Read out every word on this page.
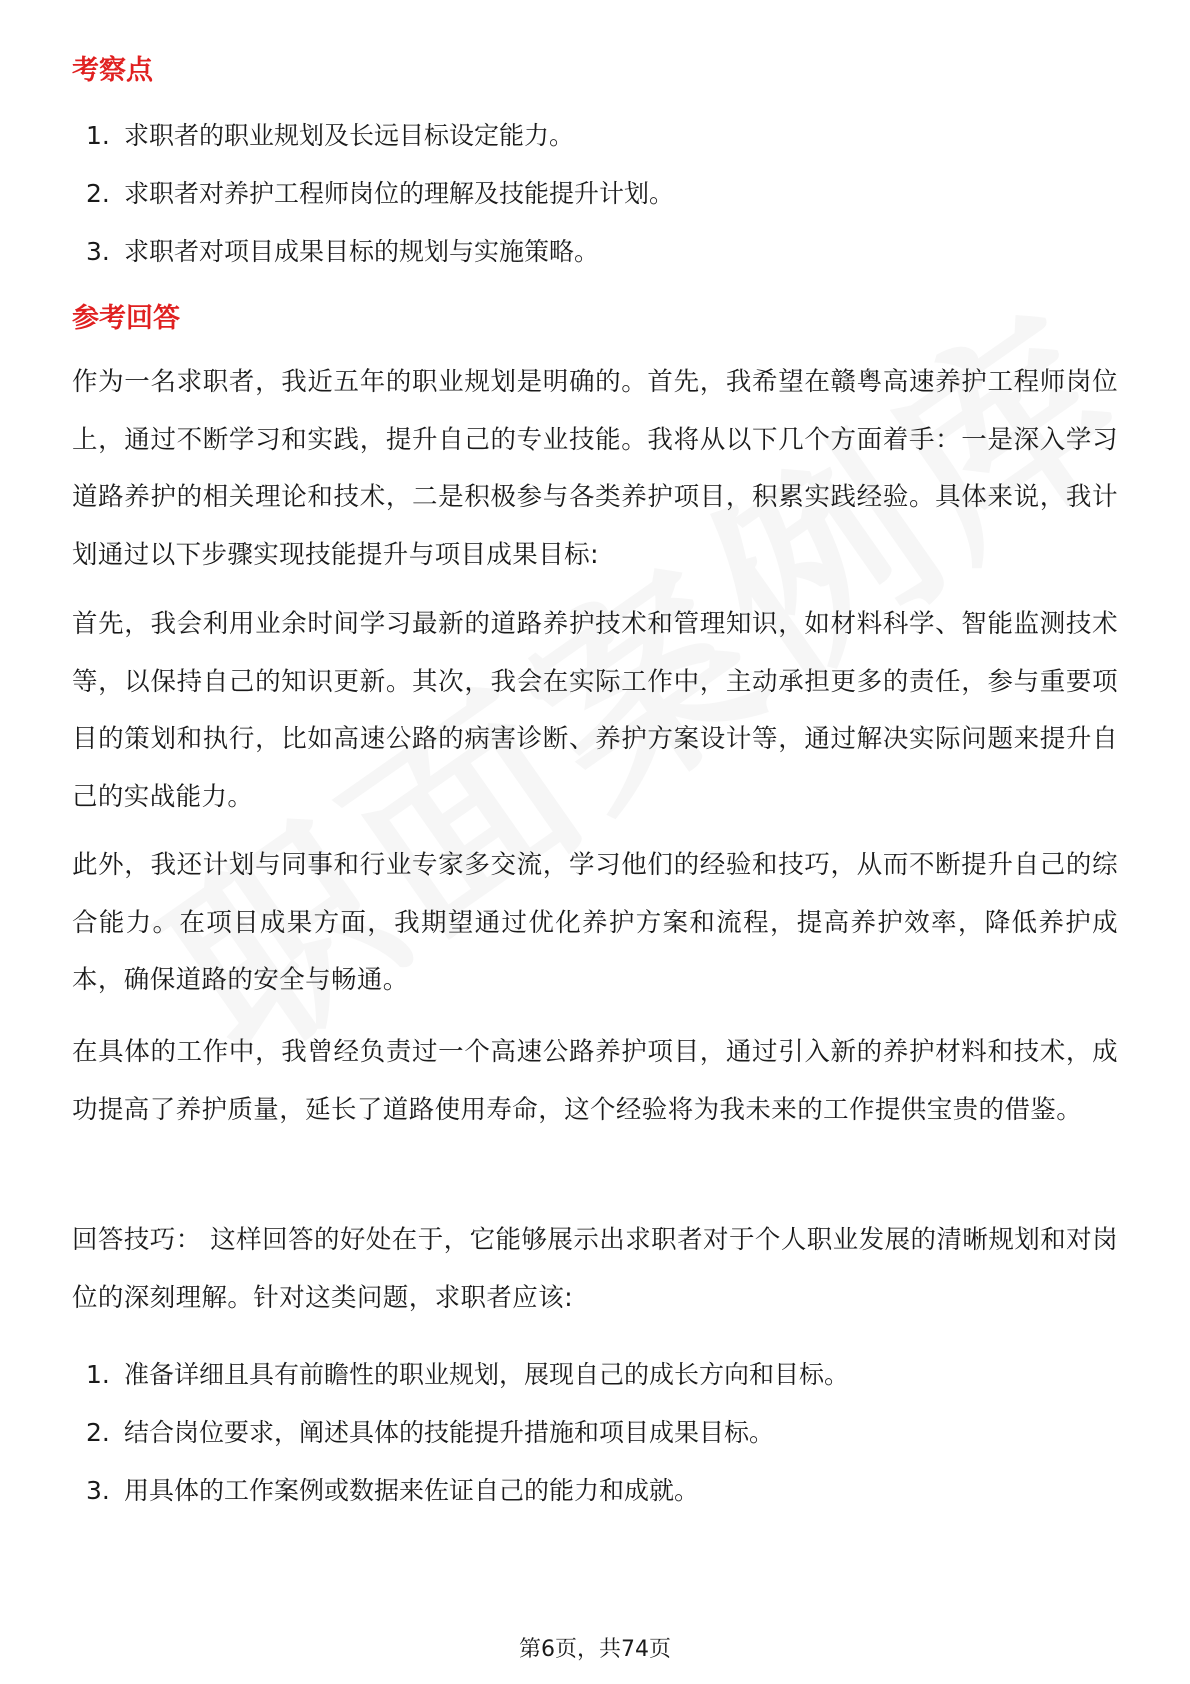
考察点
1. 求职者的职业规划及长远目标设定能力。
2. 求职者对养护工程师岗位的理解及技能提升计划。
3. 求职者对项目成果目标的规划与实施策略。
参考回答

作为一名求职者，我近五年的职业规划是明确的。首先，我希望在赣粤高速养护工程师岗位上，通过不断学习和实践，提升自己的专业技能。我将从以下几个方面着手：一是深入学习道路养护的相关理论和技术，二是积极参与各类养护项目，积累实践经验。具体来说，我计划通过以下步骤实现技能提升与项目成果目标:

首先，我会利用业余时间学习最新的道路养护技术和管理知识，如材料科学、智能监测技术等，以保持自己的知识更新。其次，我会在实际工作中，主动承担更多的责任，参与重要项目的策划和执行，比如高速公路的病害诊断、养护方案设计等，通过解决实际问题来提升自己的实战能力。

此外，我还计划与同事和行业专家多交流，学习他们的经验和技巧，从而不断提升自己的综合能力。在项目成果方面，我期望通过优化养护方案和流程，提高养护效率，降低养护成本，确保道路的安全与畅通。

在具体的工作中，我曾经负责过一个高速公路养护项目，通过引入新的养护材料和技术，成功提高了养护质量，延长了道路使用寿命，这个经验将为我未来的工作提供宝贵的借鉴。

回答技巧： 这样回答的好处在于，它能够展示出求职者对于个人职业发展的清晰规划和对岗位的深刻理解。针对这类问题，求职者应该:

1. 准备详细且具有前瞻性的职业规划，展现自己的成长方向和目标。
2. 结合岗位要求，阐述具体的技能提升措施和项目成果目标。
3. 用具体的工作案例或数据来佐证自己的能力和成就。
第6页，共74页
